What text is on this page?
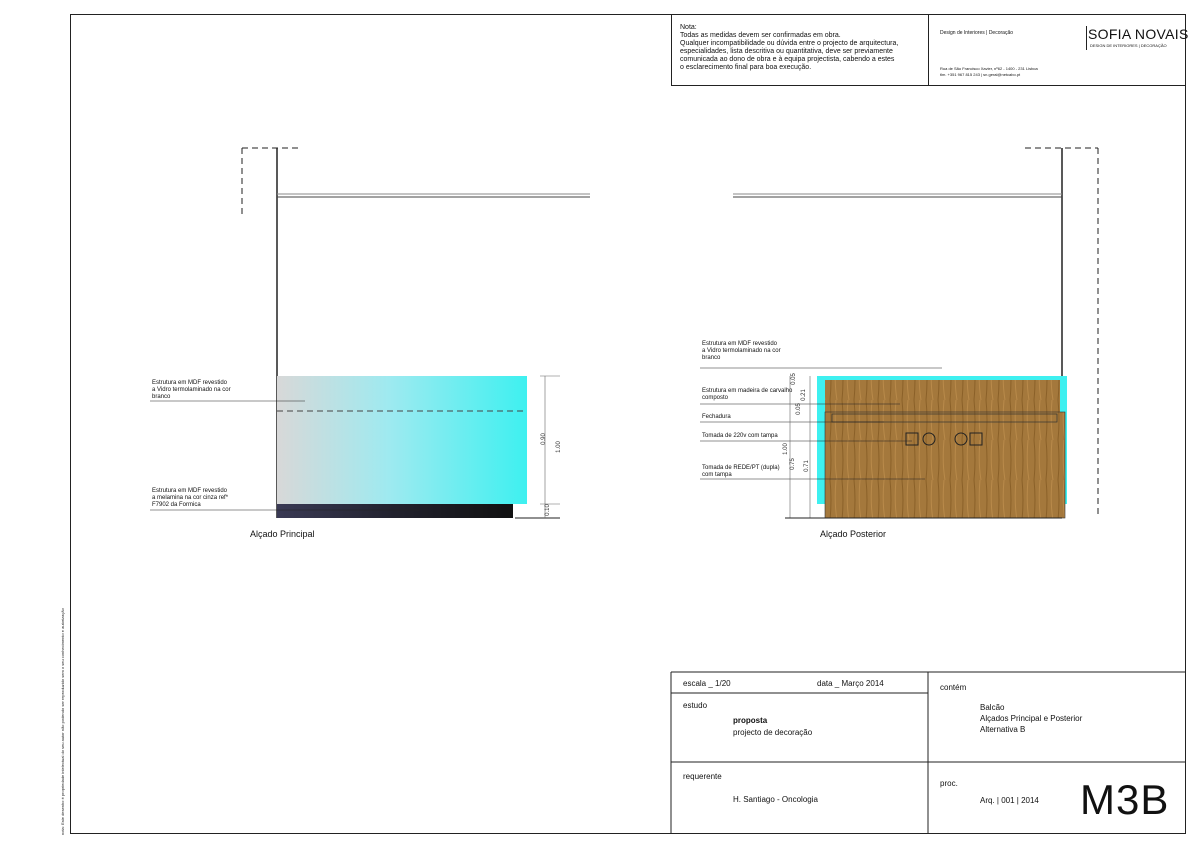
nota: Este desenho é propriedade intelectual do seu autor não podendo ser reproduzido sem o seu conhecimento e autorização
Nota:
Todas as medidas devem ser confirmadas em obra.
Qualquer incompatibilidade ou dúvida entre o projecto de arquitectura,
especialidades, lista descritiva ou quantitativa, deve ser previamente
comunicada ao dono de obra e à equipa projectista, cabendo a estes
o esclarecimento final para boa execução.
Design de Interiores | Decoração
Rua de São Francisco Xavier, nº62 - 1400 - 231 Lisboa
tlm. +351 967 815 243 | sn.geral@netcabo.pt
SOFIA NOVAIS
DESIGN DE INTERIORES | DECORAÇÃO
Estrutura em MDF revestido
a Vidro termolaminado na cor
branco
Estrutura em MDF revestido
a melamina na cor cinza ref*
F7902 da Formica
0.90
1.00
0.10
Alçado Principal
Estrutura em MDF revestido
a Vidro termolaminado na cor
branco
Estrutura em madeira de carvalho
composto
Fechadura
Tomada de 220v com tampa
Tomada de REDE/PT (dupla)
com tampa
0.05
0.21
0.05
1.00
0.75 0.71
Alçado Posterior
escala _ 1/20	data _ Março 2014
estudo
proposta
projecto de decoração
contém
Balcão
Alçados Principal e Posterior
Alternativa B
requerente
H. Santiago - Oncologia
proc.
Arq. | 001 | 2014 M3B
